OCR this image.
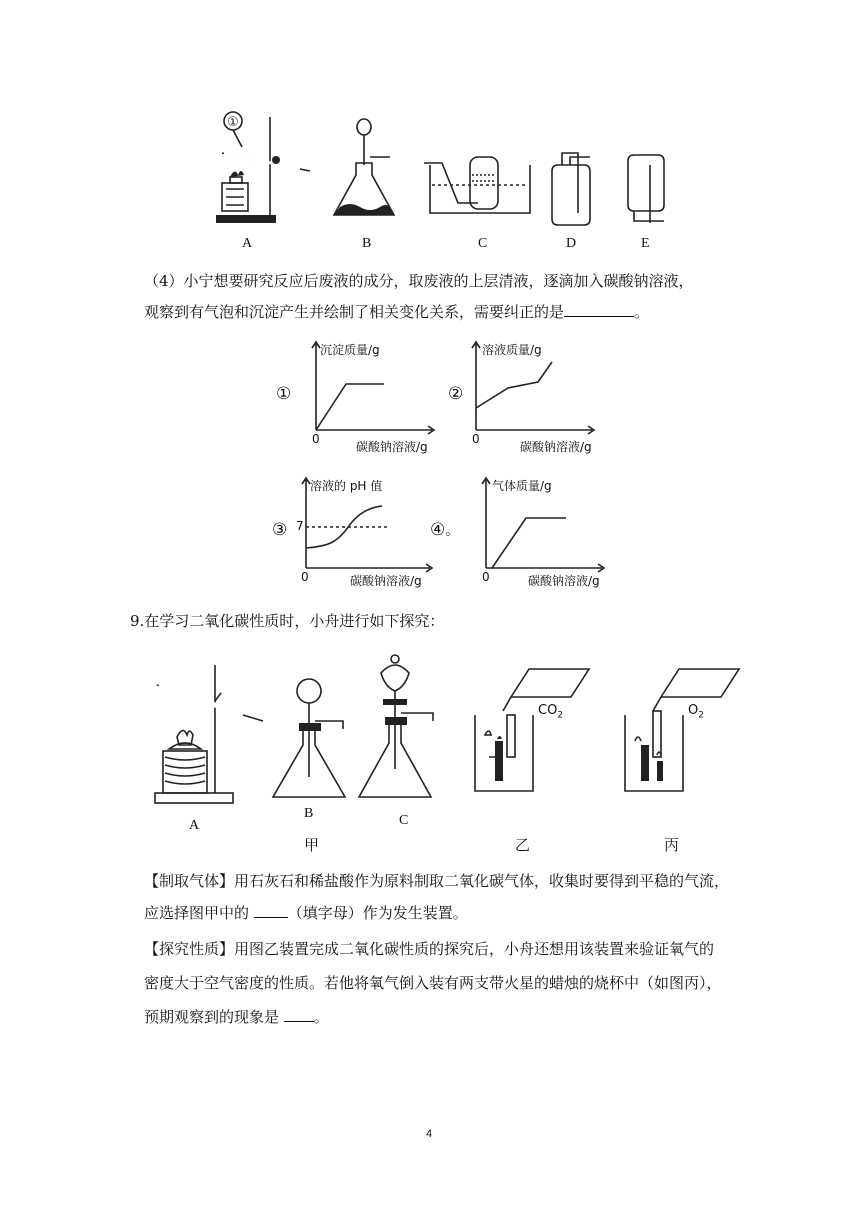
①
A	B	C	D	E
（4）小宁想要研究反应后废液的成分，取废液的上层清液，逐滴加入碳酸钠溶液，
观察到有气泡和沉淀产生并绘制了相关变化关系，需要纠正的是	。
①
沉淀质量/g
0
碳酸钠溶液/g
②
溶液质量/g
0
碳酸钠溶液/g
③
溶液的 pH 值
7
0	碳酸钠溶液/g
④。
气体质量/g
0	碳酸钠溶液/g
9.在学习二氧化碳性质时，小舟进行如下探究：
$CO_2$	$O_2$
A
B	C
甲	乙	丙
【制取气体】用石灰石和稀盐酸作为原料制取二氧化碳气体，收集时要得到平稳的气流，
应选择图甲中的 （填字母）作为发生装置。
【探究性质】用图乙装置完成二氧化碳性质的探究后，小舟还想用该装置来验证氧气的
密度大于空气密度的性质。若他将氧气倒入装有两支带火星的蜡烛的烧杯中（如图丙），
预期观察到的现象是 。
4
